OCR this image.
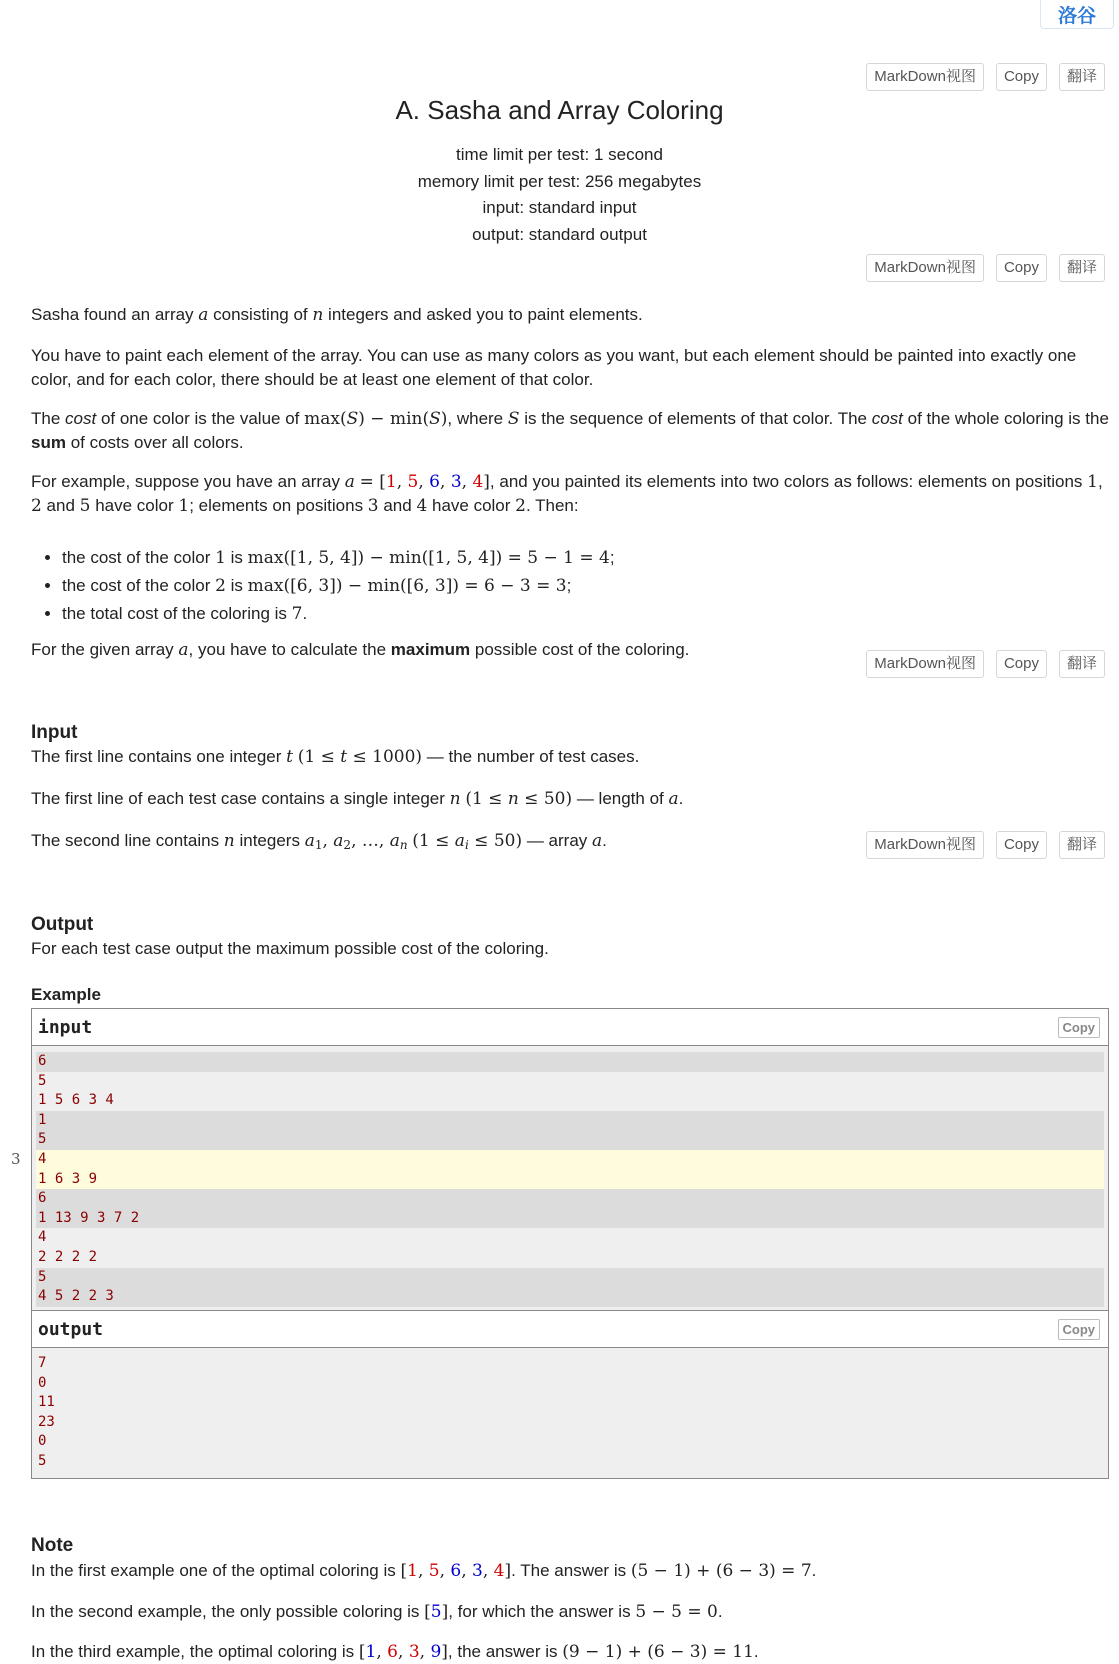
洛谷
MarkDown视图	Copy	翻译
MarkDown视图	Copy	翻译
MarkDown视图	Copy	翻译
MarkDown视图	Copy	翻译
A. Sasha and Array Coloring
time limit per test: 1 second
memory limit per test: 256 megabytes
input: standard input
output: standard output

Sasha found an array a consisting of n integers and asked you to paint elements.

You have to paint each element of the array. You can use as many colors as you want, but each element should be painted into exactly one color, and for each color, there should be at least one element of that color.

The cost of one color is the value of max(S) − min(S), where S is the sequence of elements of that color. The cost of the whole coloring is the sum of costs over all colors.

For example, suppose you have an array a = [1, 5, 6, 3, 4], and you painted its elements into two colors as follows: elements on positions 1, 2 and 5 have color 1; elements on positions 3 and 4 have color 2. Then:

• the cost of the color 1 is max([1, 5, 4]) − min([1, 5, 4]) = 5 − 1 = 4;
• the cost of the color 2 is max([6, 3]) − min([6, 3]) = 6 − 3 = 3;
• the total cost of the coloring is 7.

For the given array a, you have to calculate the maximum possible cost of the coloring.

Input

The first line contains one integer t (1 ≤ t ≤ 1000) — the number of test cases.

The first line of each test case contains a single integer n (1 ≤ n ≤ 50) — length of a.

The second line contains n integers $a_1$, $a_2$, …, $a_n$ $(1 \le a_i \le 50)$ — array a.

Output

For each test case output the maximum possible cost of the coloring.

Example
3
input	Copy
6
5
1 5 6 3 4
1
5
4
1 6 3 9
6
1 13 9 3 7 2
4
2 2 2 2
5
4 5 2 2 3
output	Copy
7
0
11
23
0
5
Note

In the first example one of the optimal coloring is [1, 5, 6, 3, 4]. The answer is (5 − 1) + (6 − 3) = 7.

In the second example, the only possible coloring is [5], for which the answer is 5 − 5 = 0.

In the third example, the optimal coloring is [1, 6, 3, 9], the answer is (9 − 1) + (6 − 3) = 11.
